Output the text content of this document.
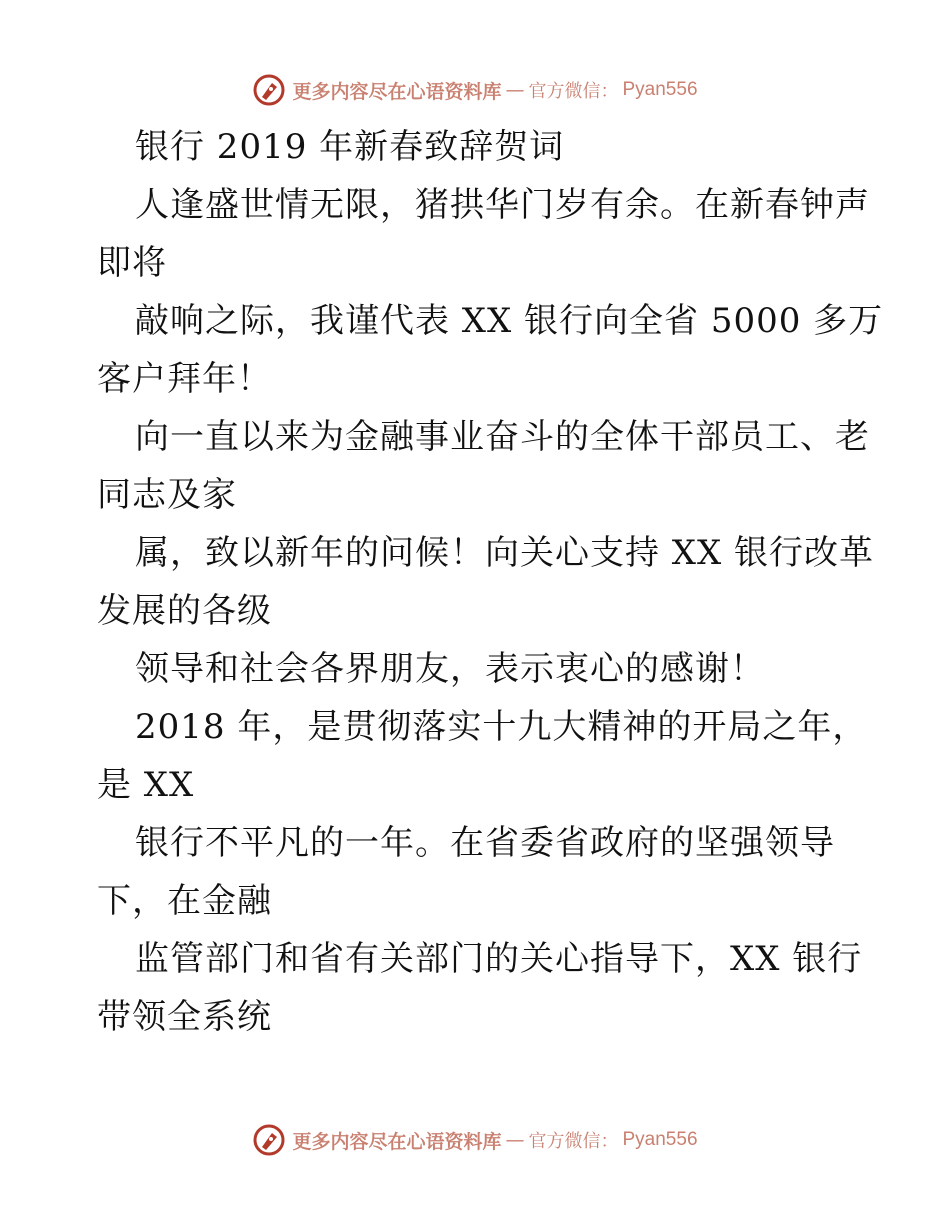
更多内容尽在心语资料库 — 官方微信： Pyan556
银行 2019 年新春致辞贺词
人逢盛世情无限，猪拱华门岁有余。在新春钟声
即将
敲响之际，我谨代表 XX 银行向全省 5000 多万
客户拜年！
向一直以来为金融事业奋斗的全体干部员工、老
同志及家
属，致以新年的问候！向关心支持 XX 银行改革
发展的各级
领导和社会各界朋友，表示衷心的感谢！
2018 年，是贯彻落实十九大精神的开局之年，
是 XX
银行不平凡的一年。在省委省政府的坚强领导
下，在金融
监管部门和省有关部门的关心指导下，XX 银行
带领全系统
更多内容尽在心语资料库 — 官方微信： Pyan556
